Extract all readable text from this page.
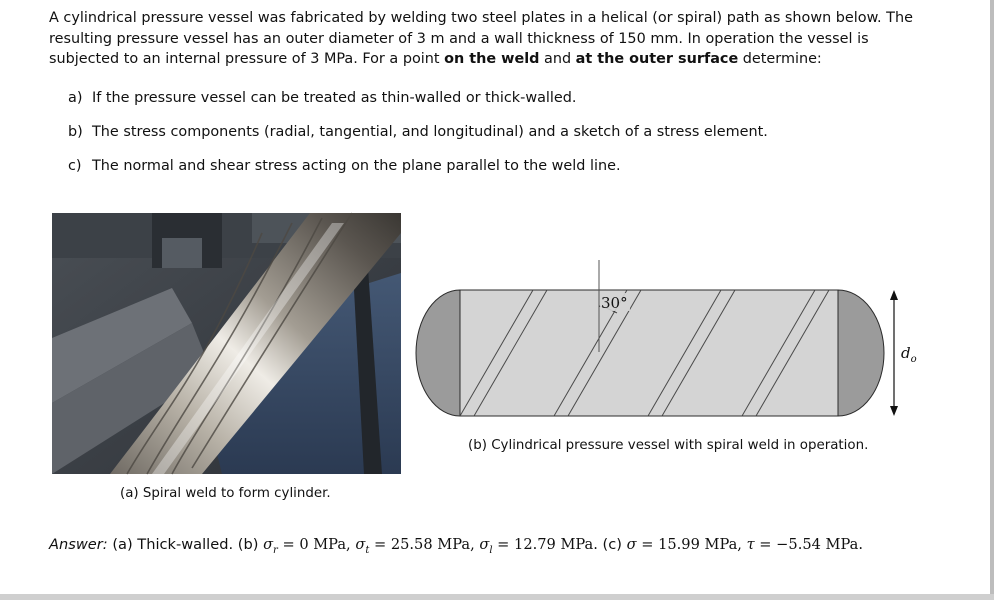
A cylindrical pressure vessel was fabricated by welding two steel plates in a helical (or spiral) path as shown below. The resulting pressure vessel has an outer diameter of 3 m and a wall thickness of 150 mm. In operation the vessel is subjected to an internal pressure of 3 MPa. For a point on the weld and at the outer surface determine:

a) If the pressure vessel can be treated as thin-walled or thick-walled.
b) The stress components (radial, tangential, and longitudinal) and a sketch of a stress element.
c) The normal and shear stress acting on the plane parallel to the weld line.
(a) Spiral weld to form cylinder.
30°
$d_o$
(b) Cylindrical pressure vessel with spiral weld in operation.
Answer: (a) Thick-walled. (b) $\sigma_r = 0$ MPa, $\sigma_t = 25.58$ MPa, $\sigma_l = 12.79$ MPa. (c) σ = 15.99 MPa, τ = −5.54 MPa.
